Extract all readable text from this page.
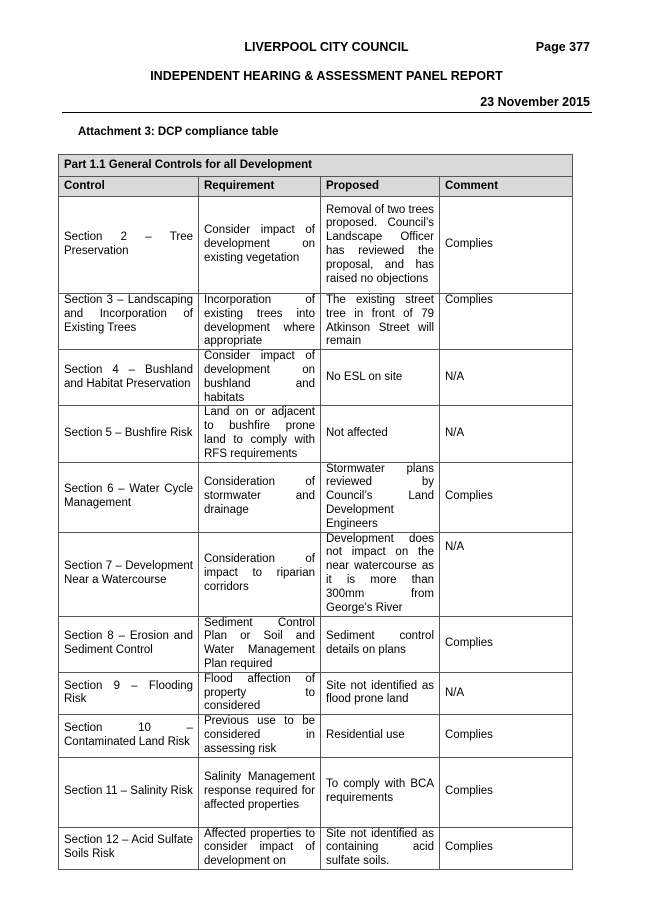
LIVERPOOL CITY COUNCIL	Page 377
INDEPENDENT HEARING & ASSESSMENT PANEL REPORT
23 November 2015
Attachment 3: DCP compliance table
Part 1.1 General Controls for all Development			
Control	Requirement	Proposed	Comment
Section 2 – Tree Preservation	Consider impact of development on existing vegetation	Removal of two trees proposed. Council’s Landscape Officer has reviewed the proposal, and has raised no objections	Complies
Section 3 – Landscaping and Incorporation of Existing Trees	Incorporation of existing trees into development where appropriate	The existing street tree in front of 79 Atkinson Street will remain	Complies
Section 4 – Bushland and Habitat Preservation	Consider impact of development on bushland and habitats	No ESL on site	N/A
Section 5 – Bushfire Risk	Land on or adjacent to bushfire prone land to comply with RFS requirements	Not affected	N/A
Section 6 – Water Cycle Management	Consideration of stormwater and drainage	Stormwater plans reviewed by Council’s Land Development Engineers	Complies
Section 7 – Development Near a Watercourse	Consideration of impact to riparian corridors	Development does not impact on the near watercourse as it is more than 300mm from George’s River	N/A
Section 8 – Erosion and Sediment Control	Sediment Control Plan or Soil and Water Management Plan required	Sediment control details on plans	Complies
Section 9 – Flooding Risk	Flood affection of property to considered	Site not identified as flood prone land	N/A
Section 10 – Contaminated Land Risk	Previous use to be considered in assessing risk	Residential use	Complies
Section 11 – Salinity Risk	Salinity Management response required for affected properties	To comply with BCA requirements	Complies
Section 12 – Acid Sulfate Soils Risk	Affected properties to consider impact of development on	Site not identified as containing acid sulfate soils.	Complies
